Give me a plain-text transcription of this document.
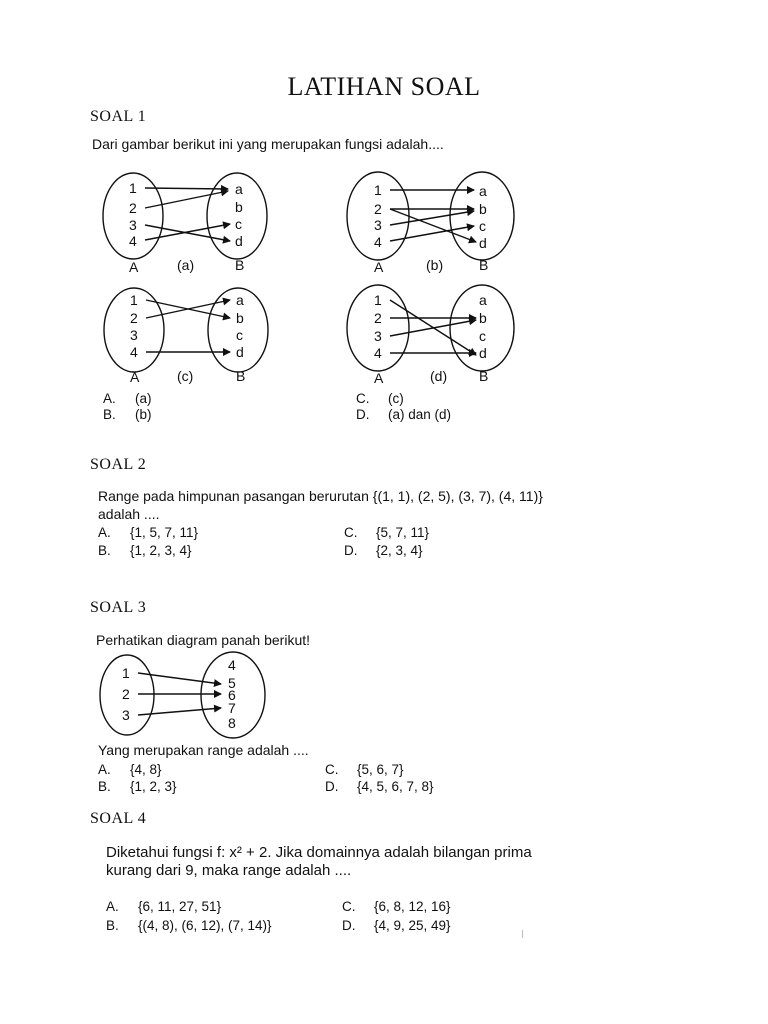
LATIHAN SOAL
SOAL 1
Dari gambar berikut ini yang merupakan fungsi adalah....
1
2
3
4
a
b
c
d
A	(a)	B
1
2
3
4
a
b
c
d
A	(b)	B
1
2
3
4
a
b
c
d
A	(c)	B
1
2
3
4
a
b
c
d
A	(d) B
1
2
3
4
5
6
7
8
A. (a)
B. (b)
C. (c)
D. (a) dan (d)
SOAL 2
Range pada himpunan pasangan berurutan {(1, 1), (2, 5), (3, 7), (4, 11)}
adalah ....
A. {1, 5, 7, 11}
B. {1, 2, 3, 4}
C. {5, 7, 11}
D. {2, 3, 4}
SOAL 3
Perhatikan diagram panah berikut!
Yang merupakan range adalah ....
A. {4, 8}
B. {1, 2, 3}
C. {5, 6, 7}
D. {4, 5, 6, 7, 8}
SOAL 4
Diketahui fungsi f: x² + 2. Jika domainnya adalah bilangan prima
kurang dari 9, maka range adalah ....
A. {6, 11, 27, 51}
B. {(4, 8), (6, 12), (7, 14)}
C. {6, 8, 12, 16}
D. {4, 9, 25, 49}
